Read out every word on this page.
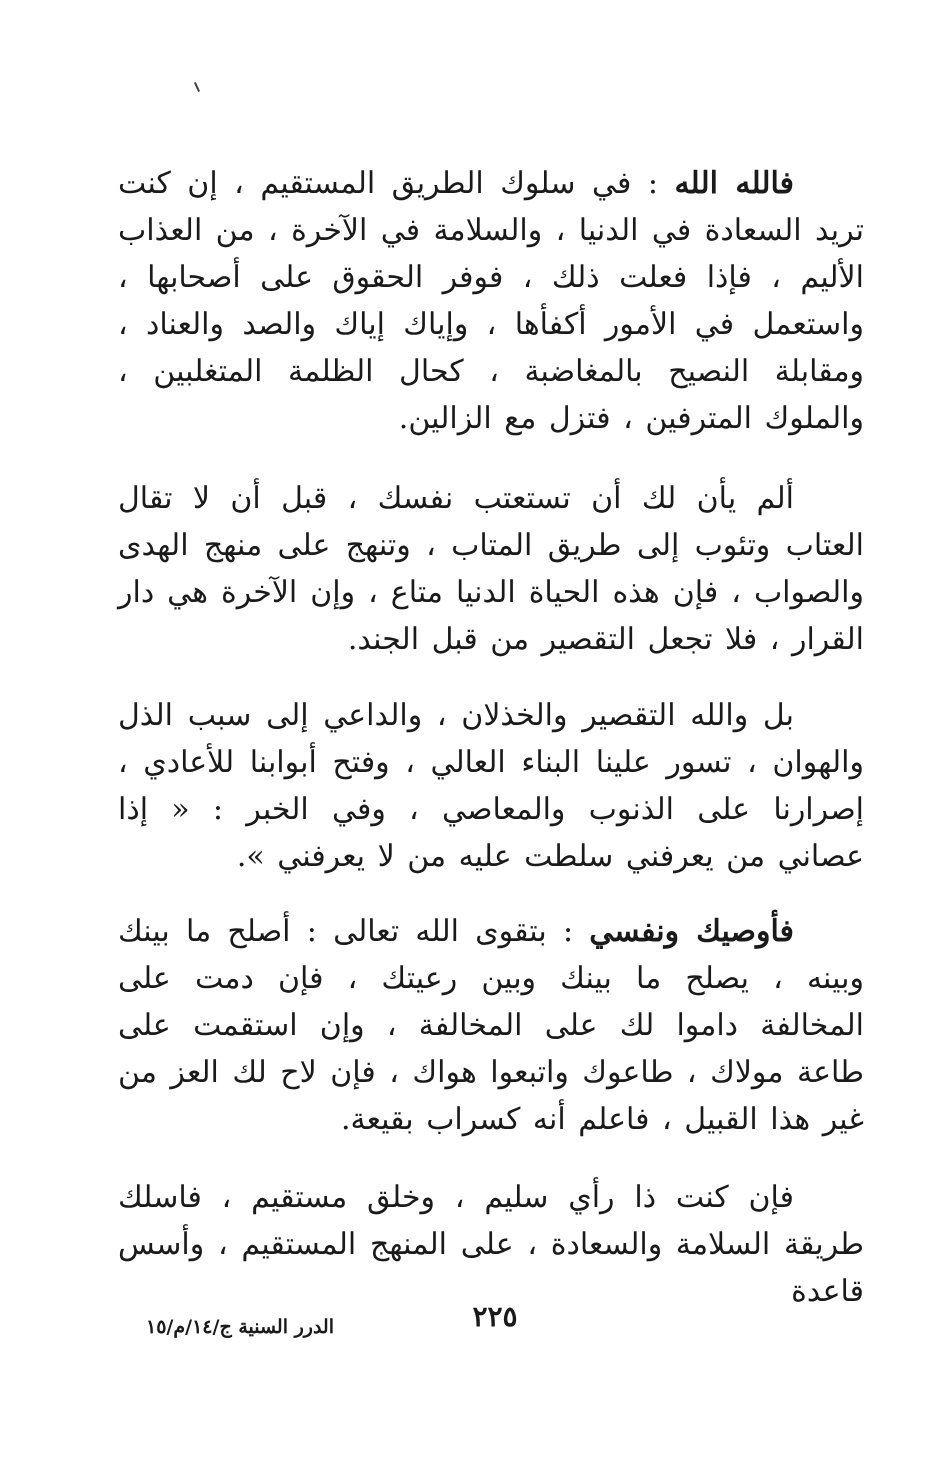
فالله الله : في سلوك الطريق المستقيم ، إن كنت تريد السعادة في الدنيا ، والسلامة في الآخرة ، من العذاب الأليم ، فإذا فعلت ذلك ، فوفر الحقوق على أصحابها ، واستعمل في الأمور أكفأها ، وإياك إياك والصد والعناد ، ومقابلة النصيح بالمغاضبة ، كحال الظلمة المتغلبين ، والملوك المترفين ، فتزل مع الزالين.

ألم يأن لك أن تستعتب نفسك ، قبل أن لا تقال العتاب وتئوب إلى طريق المتاب ، وتنهج على منهج الهدى والصواب ، فإن هذه الحياة الدنيا متاع ، وإن الآخرة هي دار القرار ، فلا تجعل التقصير من قبل الجند.

بل والله التقصير والخذلان ، والداعي إلى سبب الذل والهوان ، تسور علينا البناء العالي ، وفتح أبوابنا للأعادي ، إصرارنا على الذنوب والمعاصي ، وفي الخبر : « إذا عصاني من يعرفني سلطت عليه من لا يعرفني ».

فأوصيك ونفسي : بتقوى الله تعالى : أصلح ما بينك وبينه ، يصلح ما بينك وبين رعيتك ، فإن دمت على المخالفة داموا لك على المخالفة ، وإن استقمت على طاعة مولاك ، طاعوك واتبعوا هواك ، فإن لاح لك العز من غير هذا القبيل ، فاعلم أنه كسراب بقيعة.

فإن كنت ذا رأي سليم ، وخلق مستقيم ، فاسلك طريقة السلامة والسعادة ، على المنهج المستقيم ، وأسس قاعدة

٢٢٥
الدرر السنية ج/١٤/م/١٥
